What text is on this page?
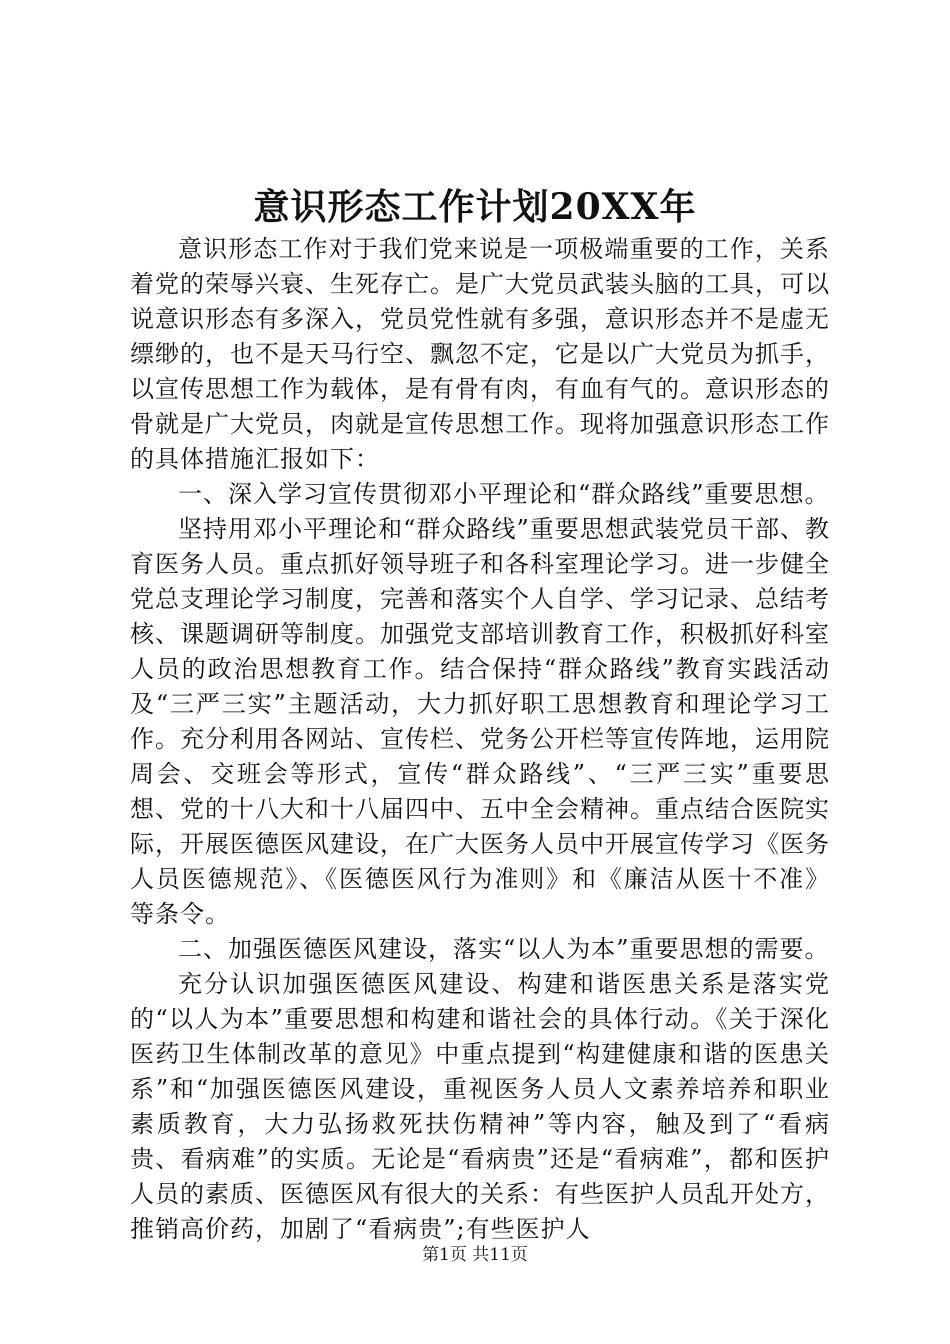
意识形态工作计划20XX年

意识形态工作对于我们党来说是一项极端重要的工作，关系着党的荣辱兴衰、生死存亡。是广大党员武装头脑的工具，可以说意识形态有多深入，党员党性就有多强，意识形态并不是虚无缥缈的，也不是天马行空、飘忽不定，它是以广大党员为抓手，以宣传思想工作为载体，是有骨有肉，有血有气的。意识形态的骨就是广大党员，肉就是宣传思想工作。现将加强意识形态工作的具体措施汇报如下：

一、深入学习宣传贯彻邓小平理论和“群众路线”重要思想。

坚持用邓小平理论和“群众路线”重要思想武装党员干部、教育医务人员。重点抓好领导班子和各科室理论学习。进一步健全党总支理论学习制度，完善和落实个人自学、学习记录、总结考核、课题调研等制度。加强党支部培训教育工作，积极抓好科室人员的政治思想教育工作。结合保持“群众路线”教育实践活动及“三严三实”主题活动，大力抓好职工思想教育和理论学习工作。充分利用各网站、宣传栏、党务公开栏等宣传阵地，运用院周会、交班会等形式，宣传“群众路线”、“三严三实”重要思想、党的十八大和十八届四中、五中全会精神。重点结合医院实际，开展医德医风建设，在广大医务人员中开展宣传学习《医务人员医德规范》、《医德医风行为准则》和《廉洁从医十不准》等条令。

二、加强医德医风建设，落实“以人为本”重要思想的需要。

充分认识加强医德医风建设、构建和谐医患关系是落实党的“以人为本”重要思想和构建和谐社会的具体行动。《关于深化医药卫生体制改革的意见》中重点提到“构建健康和谐的医患关系”和“加强医德医风建设，重视医务人员人文素养培养和职业素质教育，大力弘扬救死扶伤精神”等内容，触及到了“看病贵、看病难”的实质。无论是“看病贵”还是“看病难”，都和医护人员的素质、医德医风有很大的关系：有些医护人员乱开处方，推销高价药，加剧了“看病贵”;有些医护人

第1页 共11页
